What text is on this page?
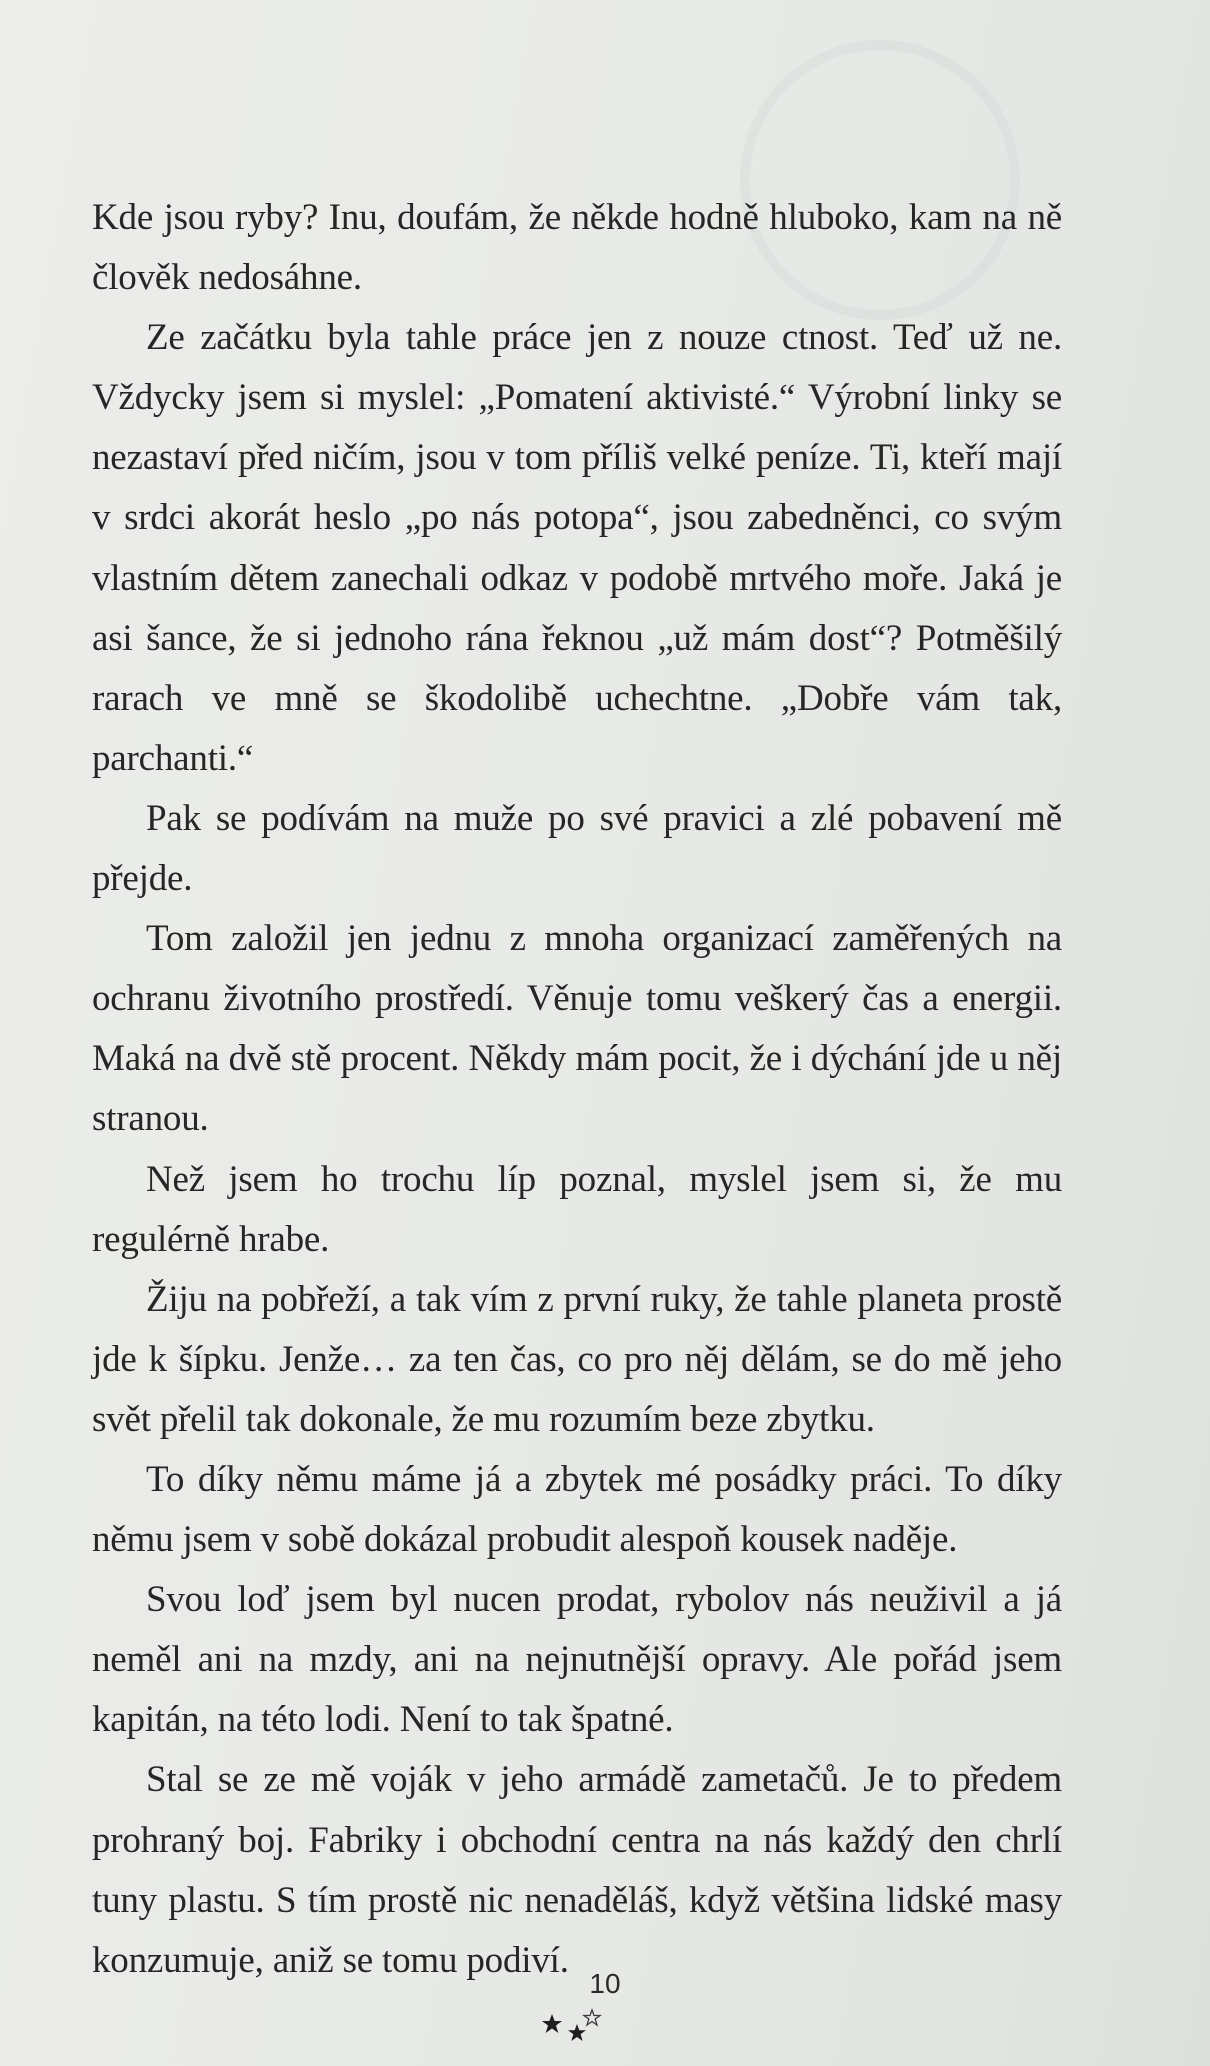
Kde jsou ryby? Inu, doufám, že někde hodně hluboko, kam na ně člověk nedosáhne.

Ze začátku byla tahle práce jen z nouze ctnost. Teď už ne. Vždycky jsem si myslel: „Pomatení aktivisté.“ Výrobní linky se nezastaví před ničím, jsou v tom příliš velké peníze. Ti, kteří mají v srdci akorát heslo „po nás potopa“, jsou zabedněnci, co svým vlastním dětem zanechali odkaz v podobě mrtvého moře. Jaká je asi šance, že si jednoho rána řeknou „už mám dost“? Potměšilý rarach ve mně se škodolibě uchechtne. „Dobře vám tak, parchanti.“

Pak se podívám na muže po své pravici a zlé pobavení mě přejde.

Tom založil jen jednu z mnoha organizací zaměřených na ochranu životního prostředí. Věnuje tomu veškerý čas a energii. Maká na dvě stě procent. Někdy mám pocit, že i dýchání jde u něj stranou.

Než jsem ho trochu líp poznal, myslel jsem si, že mu regulérně hrabe.

Žiju na pobřeží, a tak vím z první ruky, že tahle planeta prostě jde k šípku. Jenže… za ten čas, co pro něj dělám, se do mě jeho svět přelil tak dokonale, že mu rozumím beze zbytku.

To díky němu máme já a zbytek mé posádky práci. To díky němu jsem v sobě dokázal probudit alespoň kousek naděje.

Svou loď jsem byl nucen prodat, rybolov nás neuživil a já neměl ani na mzdy, ani na nejnutnější opravy. Ale pořád jsem kapitán, na této lodi. Není to tak špatné.

Stal se ze mě voják v jeho armádě zametačů. Je to předem prohraný boj. Fabriky i obchodní centra na nás každý den chrlí tuny plastu. S tím prostě nic nenaděláš, když většina lidské masy konzumuje, aniž se tomu podiví.

10
